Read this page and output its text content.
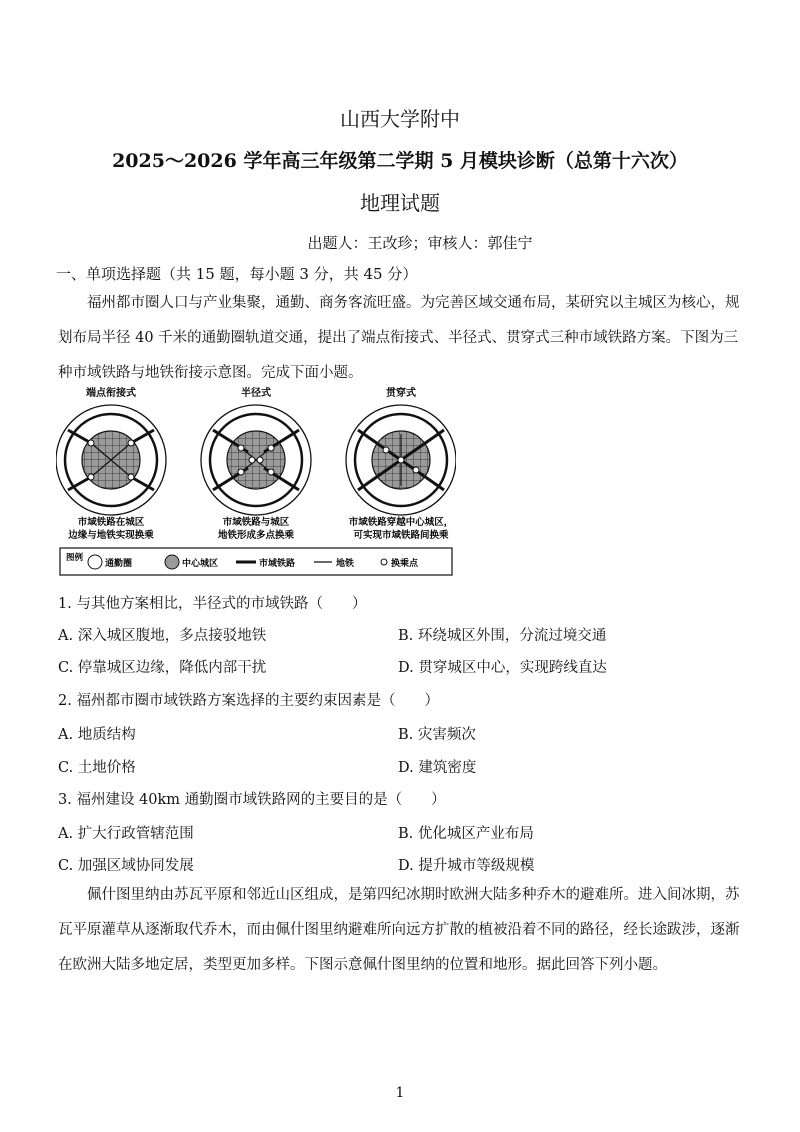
山西大学附中
2025～2026 学年高三年级第二学期 5 月模块诊断（总第十六次）
地理试题
出题人：王改珍；审核人：郭佳宁
一、单项选择题（共 15 题，每小题 3 分，共 45 分）
福州都市圈人口与产业集聚，通勤、商务客流旺盛。为完善区域交通布局，某研究以主城区为核心，规划布局半径 40 千米的通勤圈轨道交通，提出了端点衔接式、半径式、贯穿式三种市域铁路方案。下图为三种市域铁路与地铁衔接示意图。完成下面小题。
端点衔接式	半径式	贯穿式
市域铁路在城区
边缘与地铁实现换乘
市域铁路与城区
地铁形成多点换乘
市域铁路穿越中心城区，
可实现市域铁路间换乘
图例
通勤圈	中心城区	市域铁路	地铁	换乘点
1. 与其他方案相比，半径式的市域铁路（　　）
A. 深入城区腹地，多点接驳地铁	B. 环绕城区外围，分流过境交通
C. 停靠城区边缘，降低内部干扰	D. 贯穿城区中心，实现跨线直达
2. 福州都市圈市域铁路方案选择的主要约束因素是（　　）
A. 地质结构	B. 灾害频次
C. 土地价格	D. 建筑密度
3. 福州建设 40km 通勤圈市域铁路网的主要目的是（　　）
A. 扩大行政管辖范围	B. 优化城区产业布局
C. 加强区域协同发展	D. 提升城市等级规模
佩什图里纳由苏瓦平原和邻近山区组成，是第四纪冰期时欧洲大陆多种乔木的避难所。进入间冰期，苏瓦平原灌草从逐渐取代乔木，而由佩什图里纳避难所向远方扩散的植被沿着不同的路径，经长途跋涉，逐渐在欧洲大陆多地定居，类型更加多样。下图示意佩什图里纳的位置和地形。据此回答下列小题。
1
